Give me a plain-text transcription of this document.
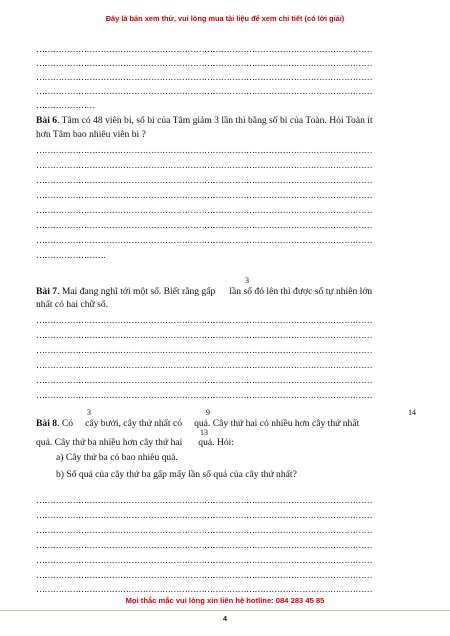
Đây là bản xem thử, vui lòng mua tài liệu để xem chi tiết (có lời giải)
…………………………………………………………………………………………………………
…………………………………………………………………………………………………………
…………………………………………………………………………………………………………
…………………………………………………………………………………………………………
…………………
Bài 6. Tâm có 48 viên bi, số bi của Tâm giảm 3 lần thì bằng số bi của Toàn. Hỏi Toàn ít
hơn Tâm bao nhiêu viên bi ?
…………………………………………………………………………………………………………
…………………………………………………………………………………………………………
…………………………………………………………………………………………………………
…………………………………………………………………………………………………………
…………………………………………………………………………………………………………
…………………………………………………………………………………………………………
…………………………………………………………………………………………………………
…………………….
3
Bài 7. Mai đang nghĩ tới một số. Biết rằng gấp lần số đó lên thì được số tự nhiên lớn
nhất có hai chữ số.
…………………………………………………………………………………………………………
…………………………………………………………………………………………………………
…………………………………………………………………………………………………………
…………………………………………………………………………………………………………
…………………………………………………………………………………………………………
…………………………………………………………………………………………………………
3	9	14
Bài 8. Có cây bưởi, cây thứ nhất có quả. Cây thứ hai có nhiều hơn cây thứ nhất
13
quả. Cây thứ ba nhiều hơn cây thứ hai quả. Hỏi:
a) Cây thứ ba có bao nhiêu quả.
b) Số quả của cây thứ ba gấp mấy lần số quả của cây thứ nhất?
…………………………………………………………………………………………………………
…………………………………………………………………………………………………………
…………………………………………………………………………………………………………
…………………………………………………………………………………………………………
…………………………………………………………………………………………………………
…………………………………………………………………………………………………………
…………………………………………………………………………………………………………
Mọi thắc mắc vui lòng xin liên hệ hotline: 084 283 45 85
4
